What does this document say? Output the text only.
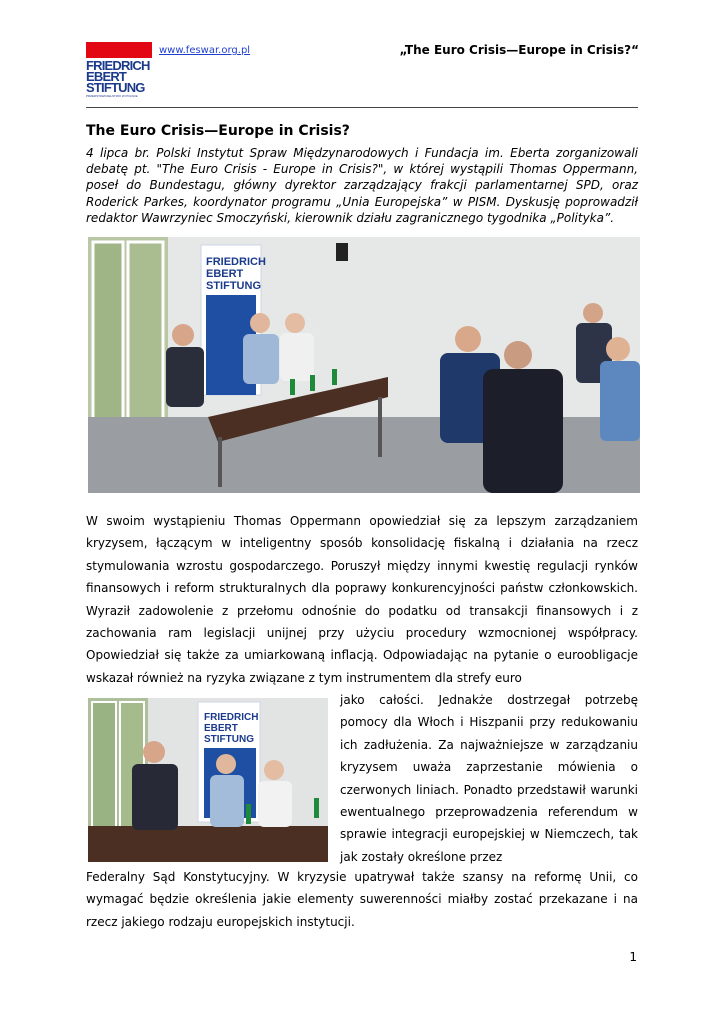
FRIEDRICH
EBERT
STIFTUNG
PRZEDSTAWICIELSTWO W POLSCE
www.feswar.org.pl	„The Euro Crisis—Europe in Crisis?“
The Euro Crisis—Europe in Crisis?

4 lipca br. Polski Instytut Spraw Międzynarodowych i Fundacja im. Eberta zorganizowali debatę pt. "The Euro Crisis - Europe in Crisis?", w której wystąpili Thomas Oppermann, poseł do Bundestagu, główny dyrektor zarządzający frakcji parlamentarnej SPD, oraz Roderick Parkes, koordynator programu „Unia Europejska” w PISM. Dyskusję poprowadził redaktor Wawrzyniec Smoczyński, kierownik działu zagranicznego tygodnika „Polityka”.

FRIEDRICH
EBERT
STIFTUNG

W swoim wystąpieniu Thomas Oppermann opowiedział się za lepszym zarządzaniem kryzysem, łączącym w inteligentny sposób konsolidację fiskalną i działania na rzecz stymulowania wzrostu gospodarczego. Poruszył między innymi kwestię regulacji rynków finansowych i reform strukturalnych dla poprawy konkurencyjności państw członkowskich. Wyraził zadowolenie z przełomu odnośnie do podatku od transakcji finansowych i z zachowania ram legislacji unijnej przy użyciu procedury wzmocnionej współpracy. Opowiedział się także za umiarkowaną inflacją. Odpowiadając na pytanie o euroobligacje wskazał również na ryzyka związane z tym instrumentem dla strefy euro

FRIEDRICH
EBERT
STIFTUNG

jako całości. Jednakże dostrzegał potrzebę pomocy dla Włoch i Hiszpanii przy redukowaniu ich zadłużenia. Za najważniejsze w zarządzaniu kryzysem uważa zaprzestanie mówienia o czerwonych liniach. Ponadto przedstawił warunki ewentualnego przeprowadzenia referendum w sprawie integracji europejskiej w Niemczech, tak jak zostały określone przez

Federalny Sąd Konstytucyjny. W kryzysie upatrywał także szansy na reformę Unii, co wymagać będzie określenia jakie elementy suwerenności miałby zostać przekazane i na rzecz jakiego rodzaju europejskich instytucji.

1
